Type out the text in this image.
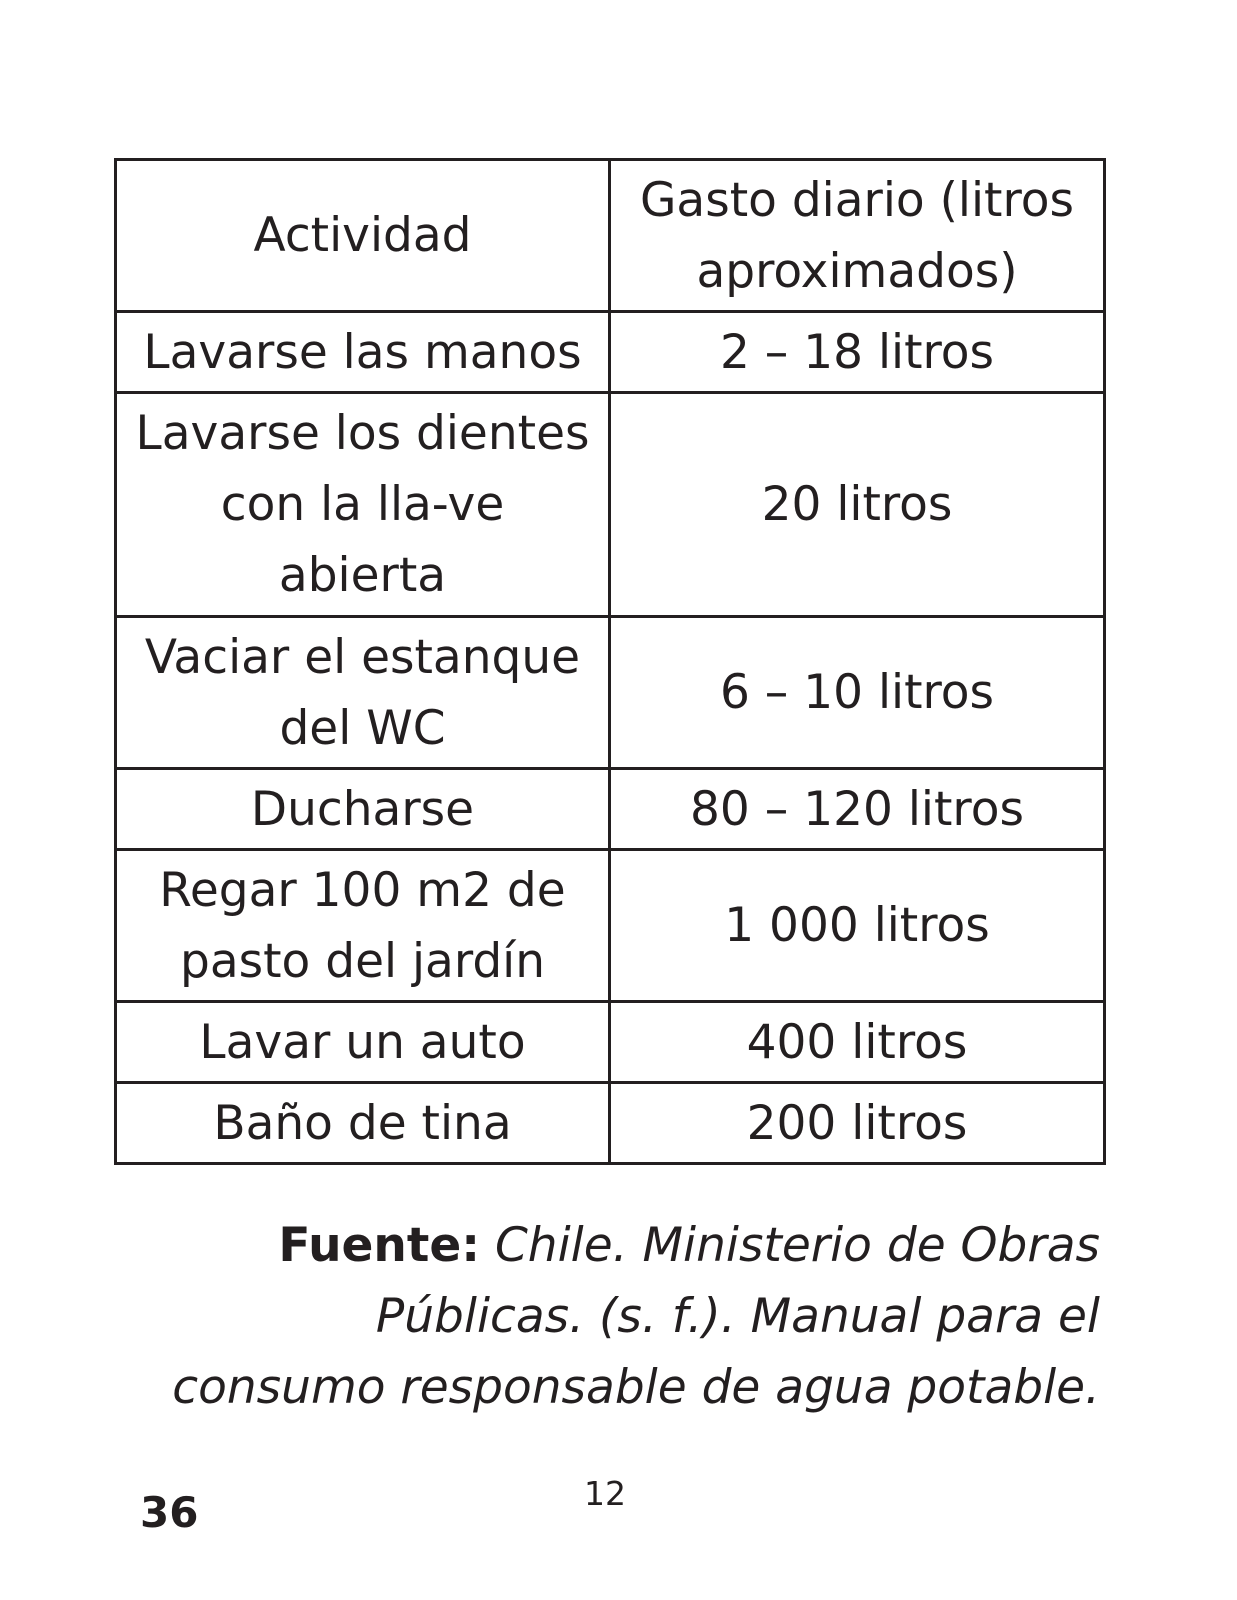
Actividad	Gasto diario (litros aproximados)
Lavarse las manos	2 – 18 litros
Lavarse los dientes con la lla-ve abierta	20 litros
Vaciar el estanque del WC	6 – 10 litros
Ducharse	80 – 120 litros
Regar 100 m2 de pasto del jardín	1 000 litros
Lavar un auto	400 litros
Baño de tina	200 litros
Fuente: Chile. Ministerio de Obras Públicas. (s. f.). Manual para el consumo responsable de agua potable.
36	12
